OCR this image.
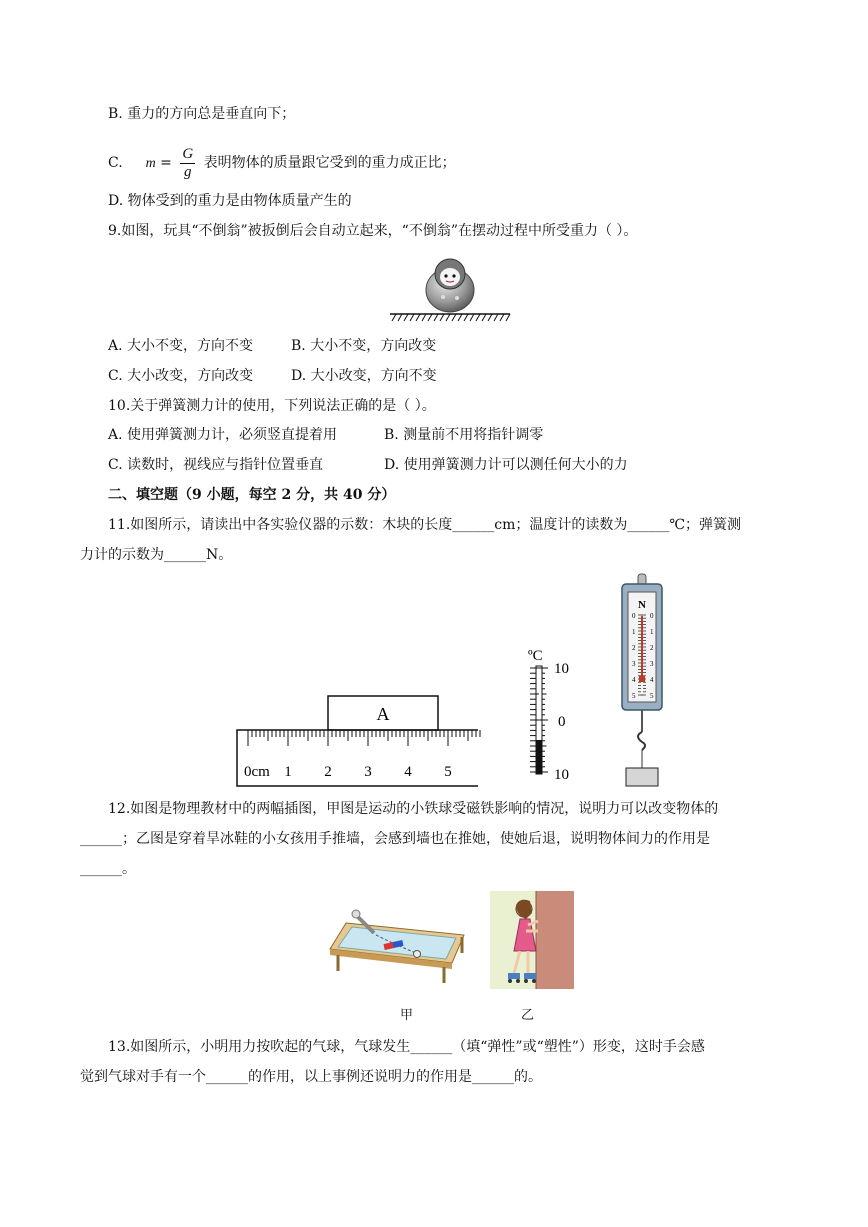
B. 重力的方向总是垂直向下；
C. $m = \frac{G}{g}$ 表明物体的质量跟它受到的重力成正比；
D. 物体受到的重力是由物体质量产生的
9.如图，玩具“不倒翁”被扳倒后会自动立起来，“不倒翁”在摆动过程中所受重力（ ）。
A. 大小不变，方向不变	B. 大小不变，方向改变
C. 大小改变，方向改变	D. 大小改变，方向不变
10.关于弹簧测力计的使用，下列说法正确的是（ ）。
A. 使用弹簧测力计，必须竖直提着用	B. 测量前不用将指针调零
C. 读数时，视线应与指针位置垂直	D. 使用弹簧测力计可以测任何大小的力
二、填空题（9 小题，每空 2 分，共 40 分）
11.如图所示，请读出中各实验仪器的示数：木块的长度______cm；温度计的读数为______℃；弹簧测
力计的示数为______N。
A
0cm 1 2 3 4 5
ºC
10
0
10
N
0
1
2
3
4
5
0
1
2
3
4
5
12.如图是物理教材中的两幅插图，甲图是运动的小铁球受磁铁影响的情况，说明力可以改变物体的
______；乙图是穿着旱冰鞋的小女孩用手推墙，会感到墙也在推她，使她后退，说明物体间力的作用是
______。
甲	乙
13.如图所示，小明用力按吹起的气球，气球发生______（填“弹性”或“塑性”）形变，这时手会感
觉到气球对手有一个______的作用，以上事例还说明力的作用是______的。
